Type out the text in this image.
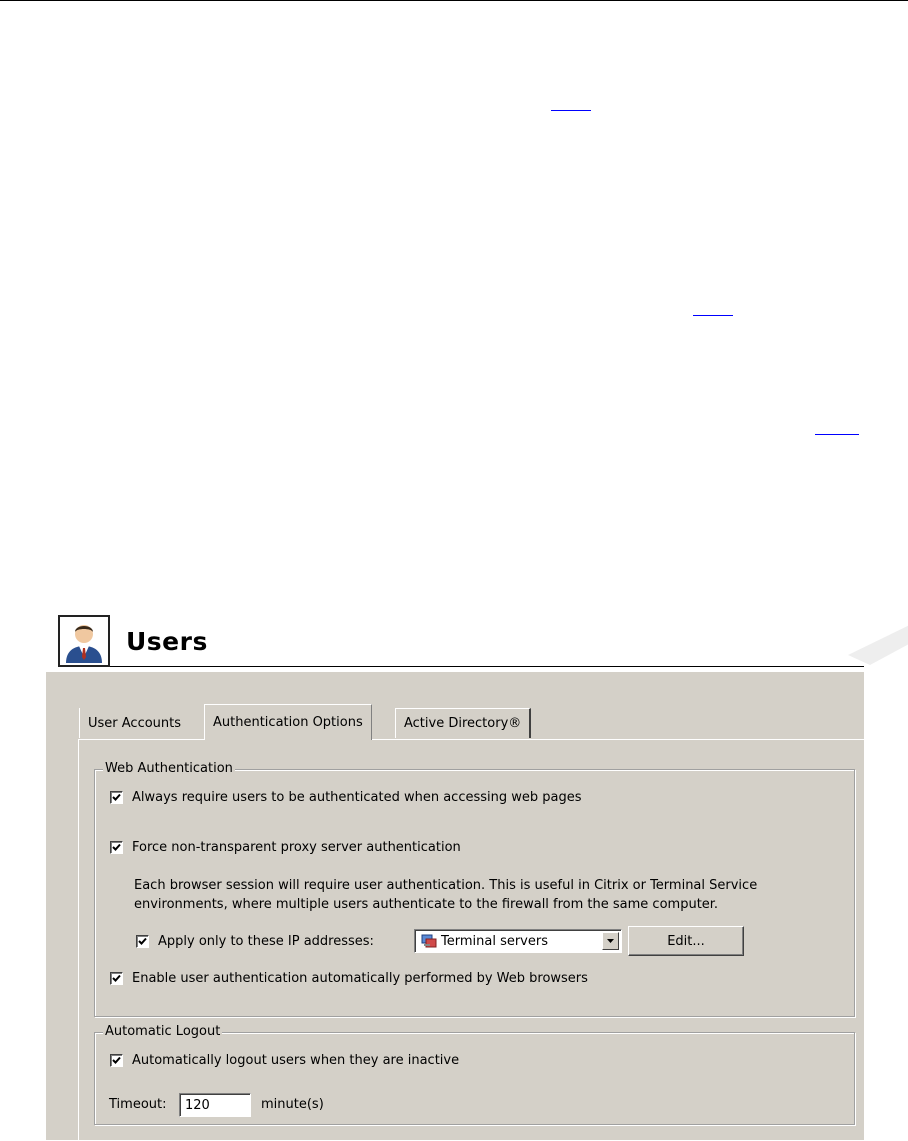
Users
User Accounts Authentication Options	Active Directory®
Web Authentication
Always require users to be authenticated when accessing web pages
Force non-transparent proxy server authentication
Each browser session will require user authentication. This is useful in Citrix or Terminal Service
environments, where multiple users authenticate to the firewall from the same computer.
Apply only to these IP addresses:	Terminal servers	Edit...
Enable user authentication automatically performed by Web browsers
Automatic Logout
Automatically logout users when they are inactive
Timeout:	120	minute(s)
